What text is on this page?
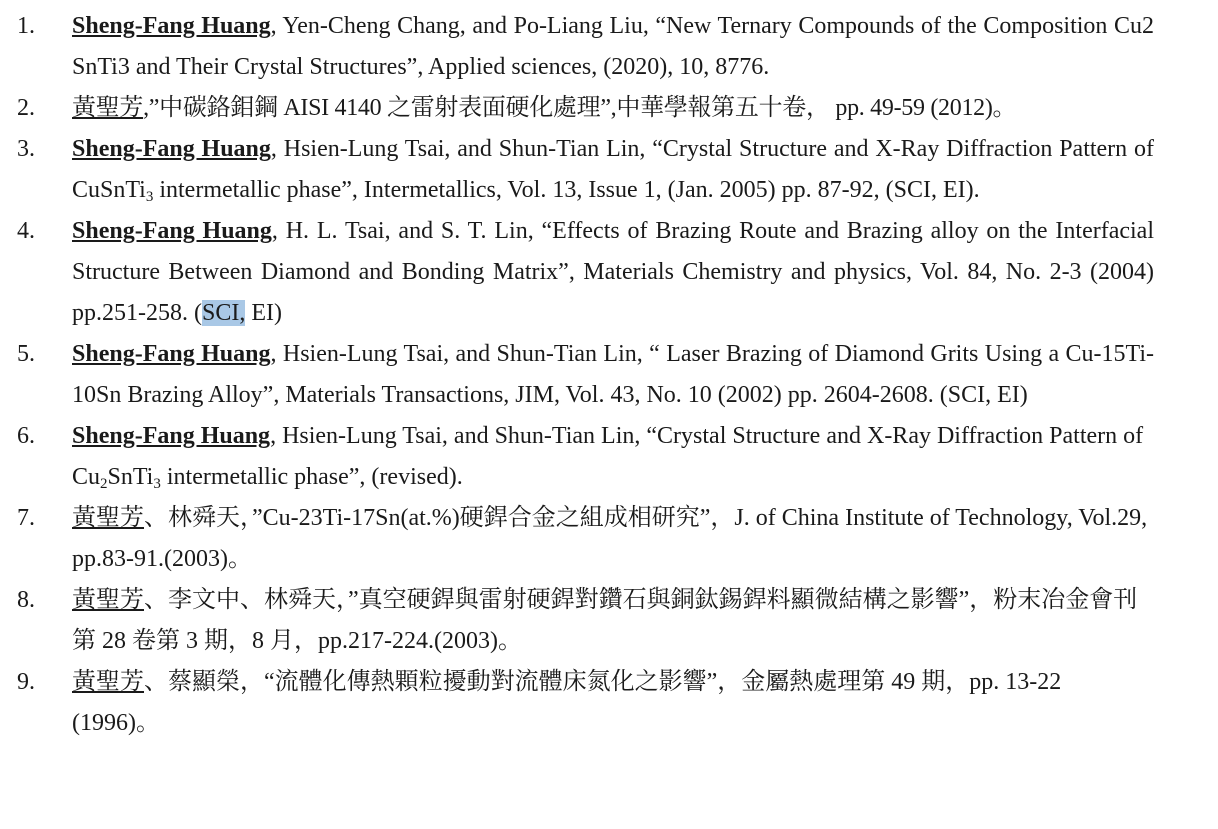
1.	Sheng-Fang Huang, Yen-Cheng Chang, and Po-Liang Liu, “New Ternary Compounds of the Composition Cu2 SnTi3 and Their Crystal Structures”, Applied sciences, (2020), 10, 8776.
2.	黃聖芳,”中碳鉻鉬鋼 AISI 4140 之雷射表面硬化處理”,中華學報第五十卷， pp. 49-59 (2012)。
3.	Sheng-Fang Huang, Hsien-Lung Tsai, and Shun-Tian Lin, “Crystal Structure and X-Ray Diffraction Pattern of CuSnTi$_3$ intermetallic phase”, Intermetallics, Vol. 13, Issue 1, (Jan. 2005) pp. 87-92, (SCI, EI).
4.	Sheng-Fang Huang, H. L. Tsai, and S. T. Lin, “Effects of Brazing Route and Brazing alloy on the Interfacial Structure Between Diamond and Bonding Matrix”, Materials Chemistry and physics, Vol. 84, No. 2-3 (2004) pp.251-258. (SCI, EI)
5.	Sheng-Fang Huang, Hsien-Lung Tsai, and Shun-Tian Lin, “ Laser Brazing of Diamond Grits Using a Cu-15Ti-10Sn Brazing Alloy”, Materials Transactions, JIM, Vol. 43, No. 10 (2002) pp. 2604-2608. (SCI, EI)
6.	Sheng-Fang Huang, Hsien-Lung Tsai, and Shun-Tian Lin, “Crystal Structure and X-Ray Diffraction Pattern of $Cu_2SnTi_3$ intermetallic phase”, (revised).
7.	黃聖芳、林舜天，”Cu-23Ti-17Sn(at.%)硬銲合金之組成相研究”，J. of China Institute of Technology, Vol.29, pp.83-91.(2003)。
8.	黃聖芳、李文中、林舜天，”真空硬銲與雷射硬銲對鑽石與銅鈦錫銲料顯微結構之影響”，粉末冶金會刊第 28 卷第 3 期，8 月，pp.217-224.(2003)。
9.	黃聖芳、蔡顯榮，“流體化傳熱顆粒擾動對流體床氮化之影響”，金屬熱處理第 49 期，pp. 13-22 (1996)。
